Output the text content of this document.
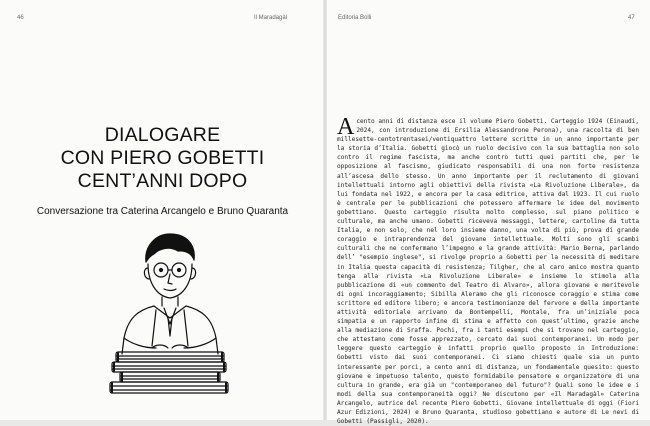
46	Il Maradagàl
DIALOGARE
CON PIERO GOBETTI
CENT’ANNI DOPO
Conversazione tra Caterina Arcangelo e Bruno Quaranta
Editoria Bolli	47
A cento anni di distanza esce il volume Piero Gobetti. Carteggio 1924 (Einaudi, 2024, con introduzione di Ersilia Alessandrone Perona), una raccolta di ben millesette-centotrentasei/ventiquattro lettere scritte in un anno importante per la storia d’Italia. Gobetti giocò un ruolo decisivo con la sua battaglia non solo contro il regime fascista, ma anche contro tutti quei partiti che, per le opposizione al fascismo, giudicato responsabili di una non forte resistenza all’ascesa dello stesso. Un anno importante per il reclutamento di giovani intellettuali intorno agli obiettivi della rivista «La Rivoluzione Liberale», da lui fondata nel 1922, e ancora per la casa editrice, attiva dal 1923. Il cui ruolo è centrale per le pubblicazioni che potessero affermare le idee del movimento gobettiano. Questo carteggio risulta molto complesso, sul piano politico e culturale, ma anche umano. Gobetti riceveva messaggi, lettere, cartoline da tutta Italia, e non solo, che nel loro insieme danno, una volta di più, prova di grande coraggio e intraprendenza del giovane intellettuale. Molti sono gli scambi culturali che ne confermano l’impegno e la grande attività: Mario Berna, parlando dell’ "esempio inglese", si rivolge proprio a Gobetti per la necessità di meditare in Italia questa capacità di resistenza; Tilgher, che al caro amico mostra quanto tenga alla rivista «La Rivoluzione Liberale» e insieme lo stimola alla pubblicazione di «un commento del Teatro di Alvaro», allora giovane e meritevole di ogni incoraggiamento; Sibilla Aleramo che gli riconosce coraggio e stima come scrittore ed editore libero; e ancora testimonianze del fervore e della importante attività editoriale arrivano da Bontempelli, Montale, fra un’iniziale poca simpatia e un rapporto infine di stima e affetto con quest’ultimo, grazie anche alla mediazione di Sraffa. Pochi, fra i tanti esempi che si trovano nel carteggio, che attestano come fosse apprezzato, cercato dai suoi contemporanei. Un modo per leggere questo carteggio è infatti proprio quello proposto in Introduzione: Gobetti visto dai suoi contemporanei. Ci siamo chiesti quale sia un punto interessante per porci, a cento anni di distanza, un fondamentale quesito: questo giovane e impetuoso talento, questo formidabile pensatore e organizzatore di una cultura in grande, era già un "contemporaneo del futuro"? Quali sono le idee e i modi della sua contemporaneità oggi? Ne discutono per «Il Maradagàl» Caterina Arcangelo, autrice del recente Piero Gobetti. Giovane intellettuale di oggi (Fiori Azur Edizioni, 2024) e Bruno Quaranta, studioso gobettiano e autore di Le nevi di Gobetti (Passigli, 2020).
